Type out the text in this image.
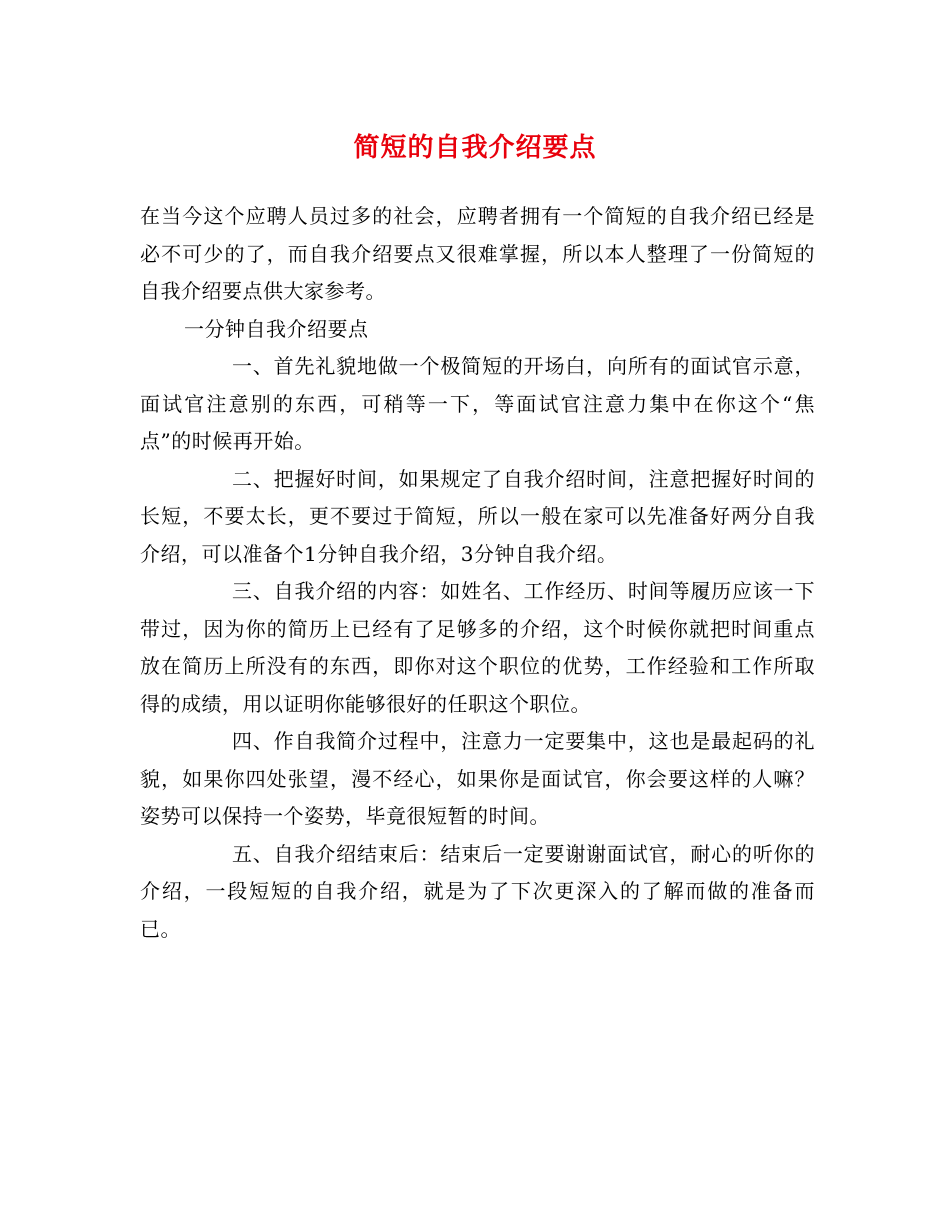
简短的自我介绍要点

在当今这个应聘人员过多的社会，应聘者拥有一个简短的自我介绍已经是必不可少的了，而自我介绍要点又很难掌握，所以本人整理了一份简短的自我介绍要点供大家参考。

一分钟自我介绍要点

一、首先礼貌地做一个极简短的开场白，向所有的面试官示意，面试官注意别的东西，可稍等一下，等面试官注意力集中在你这个“焦点”的时候再开始。

二、把握好时间，如果规定了自我介绍时间，注意把握好时间的长短，不要太长，更不要过于简短，所以一般在家可以先准备好两分自我介绍，可以准备个1分钟自我介绍，3分钟自我介绍。

三、自我介绍的内容：如姓名、工作经历、时间等履历应该一下带过，因为你的简历上已经有了足够多的介绍，这个时候你就把时间重点放在简历上所没有的东西，即你对这个职位的优势，工作经验和工作所取得的成绩，用以证明你能够很好的任职这个职位。

四、作自我简介过程中，注意力一定要集中，这也是最起码的礼貌，如果你四处张望，漫不经心，如果你是面试官，你会要这样的人嘛？姿势可以保持一个姿势，毕竟很短暂的时间。

五、自我介绍结束后：结束后一定要谢谢面试官，耐心的听你的介绍，一段短短的自我介绍，就是为了下次更深入的了解而做的准备而已。
